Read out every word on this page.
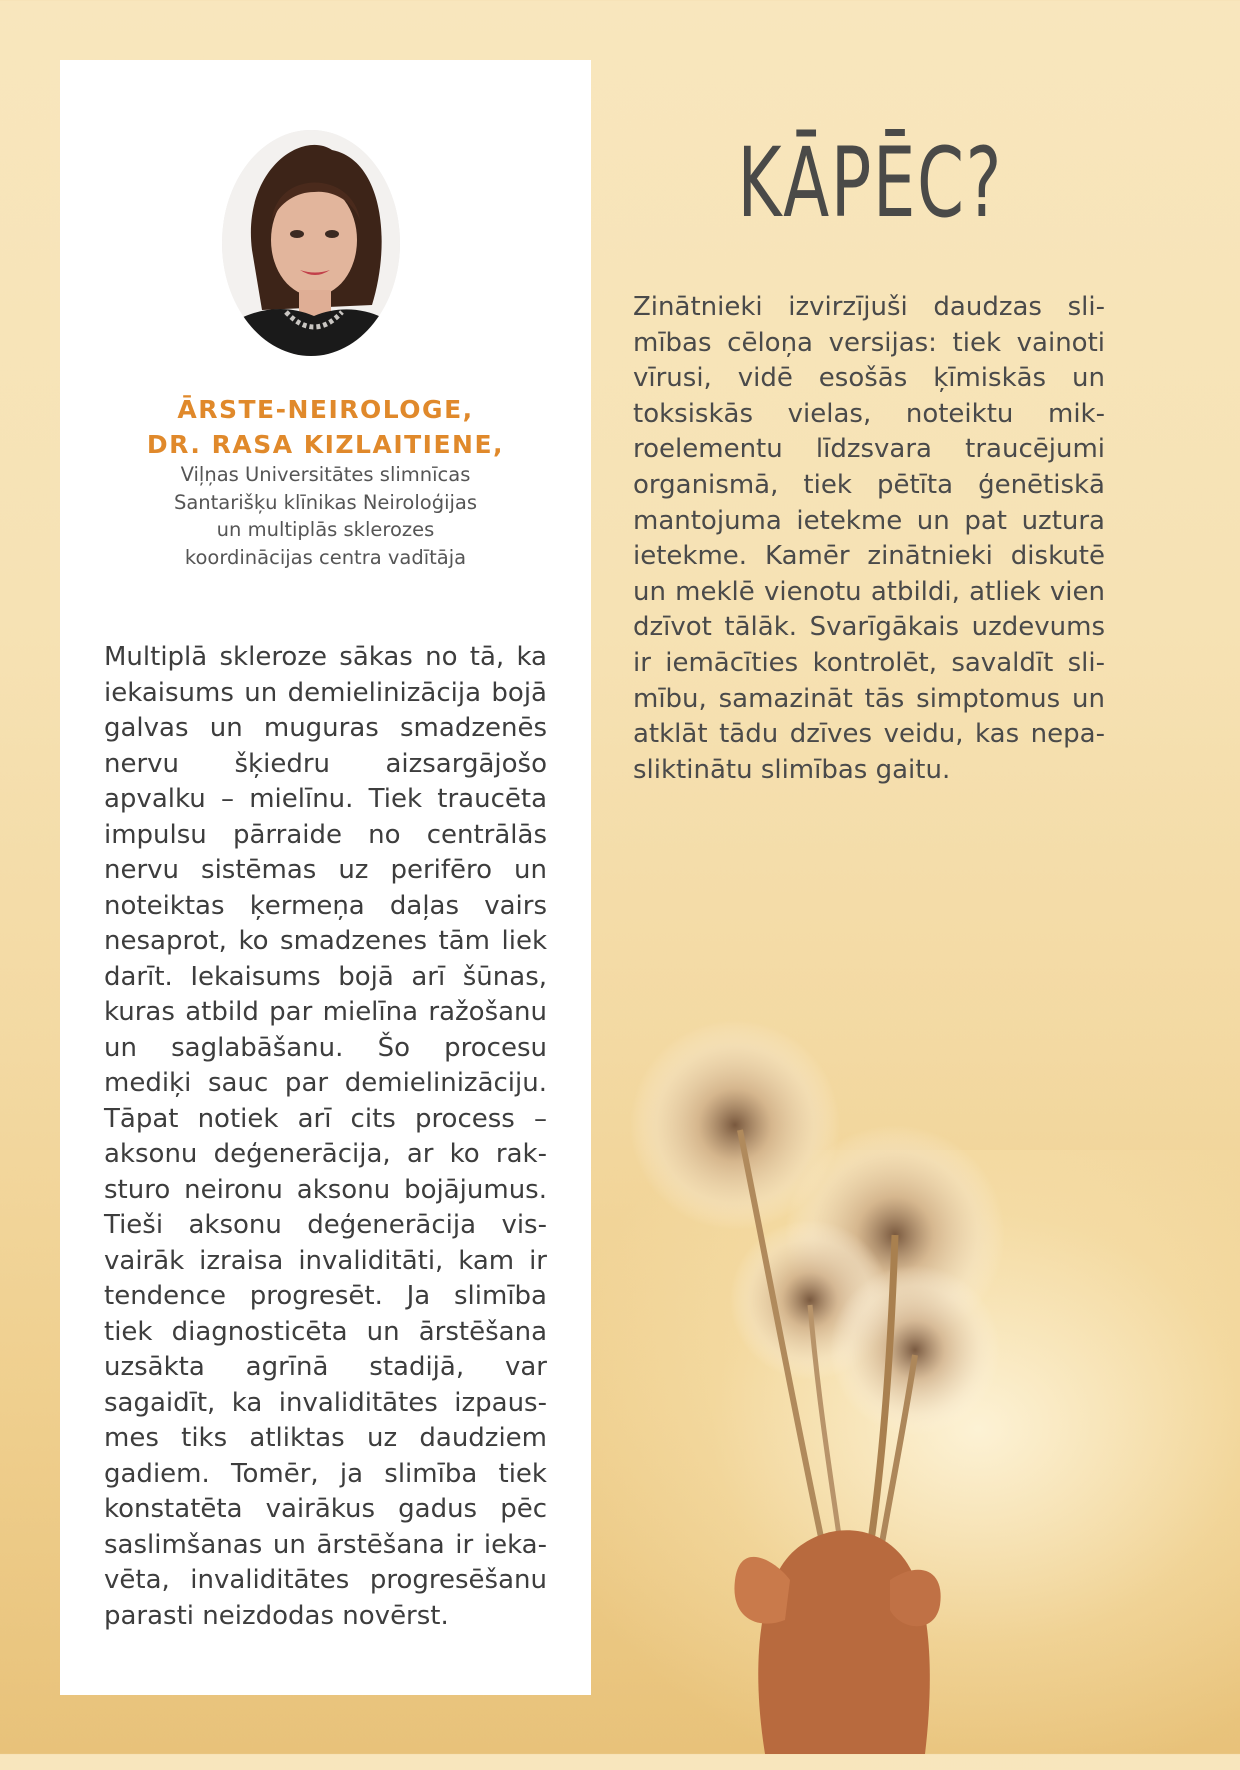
ĀRSTE-NEIROLOGE,
DR. RASA KIZLAITIENE,
Viļņas Universitātes slimnīcas
Santarišķu klīnikas Neiroloģijas
un multiplās sklerozes
koordinācijas centra vadītāja
Multiplā skleroze sākas no tā, ka iekaisums un demielinizācija bojā galvas un muguras smadzenēs nervu šķiedru aizsargājošo apvalku – mielīnu. Tiek traucēta impulsu pārraide no centrālās nervu sistēmas uz perifēro un noteiktas ķermeņa daļas vairs nesaprot, ko smadzenes tām liek darīt. Iekaisums bojā arī šūnas, kuras atbild par mielīna ražošanu un saglabāšanu. Šo procesu mediķi sauc par demielinizāciju. Tāpat notiek arī cits process – aksonu deģenerācija, ar ko raksturo neironu aksonu bojājumus. Tieši aksonu deģenerācija visvairāk izraisa invaliditāti, kam ir tendence progresēt. Ja slimība tiek diagnosticēta un ārstēšana uzsākta agrīnā stadijā, var sagaidīt, ka invaliditātes izpausmes tiks atliktas uz daudziem gadiem. Tomēr, ja slimība tiek konstatēta vairākus gadus pēc saslimšanas un ārstēšana ir iekavēta, invaliditātes progresēšanu parasti neizdodas novērst.
KĀPĒC?
Zinātnieki izvirzījuši daudzas slimības cēloņa versijas: tiek vainoti vīrusi, vidē esošās ķīmiskās un toksiskās vielas, noteiktu mikroelementu līdzsvara traucējumi organismā, tiek pētīta ģenētiskā mantojuma ietekme un pat uztura ietekme. Kamēr zinātnieki diskutē un meklē vienotu atbildi, atliek vien dzīvot tālāk. Svarīgākais uzdevums ir iemācīties kontrolēt, savaldīt slimību, samazināt tās simptomus un atklāt tādu dzīves veidu, kas nepasliktinātu slimības gaitu.
